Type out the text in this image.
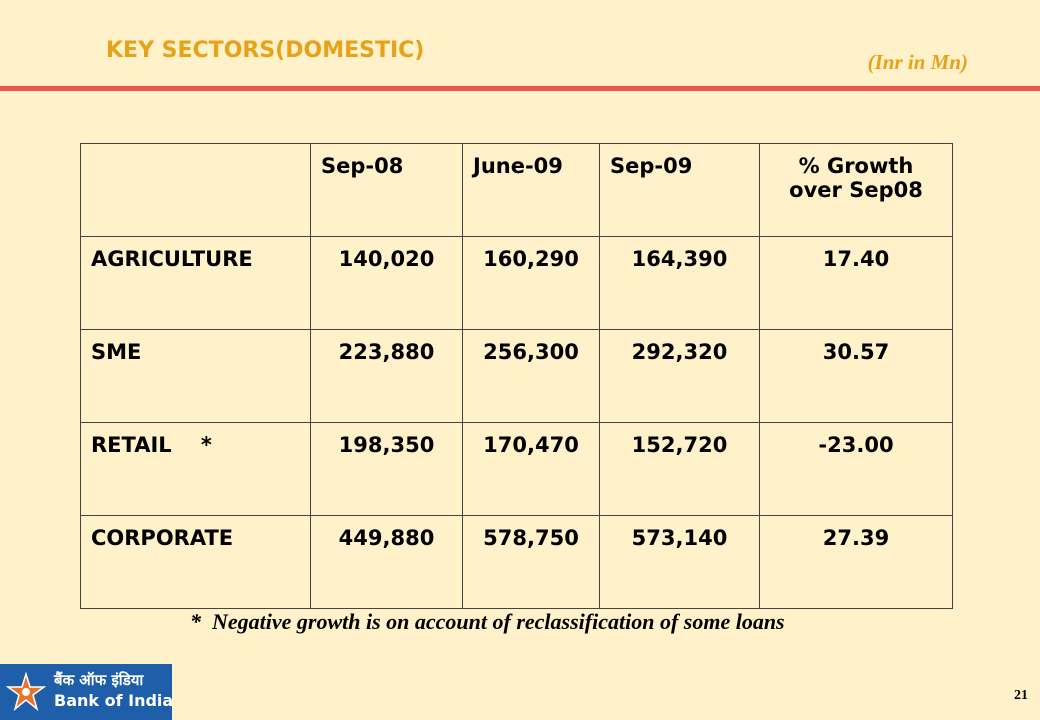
KEY SECTORS(DOMESTIC)	(Inr in Mn)
	Sep-08	June-09	Sep-09	% Growth
over Sep08

AGRICULTURE	140,020	160,290	164,390	17.40
SME	223,880	256,300	292,320	30.57
RETAIL    *	198,350	170,470	152,720	-23.00
CORPORATE	449,880	578,750	573,140	27.39
*  Negative growth is on account of reclassification of some loans
बैंक ऑफ इंडिया
Bank of India	21
